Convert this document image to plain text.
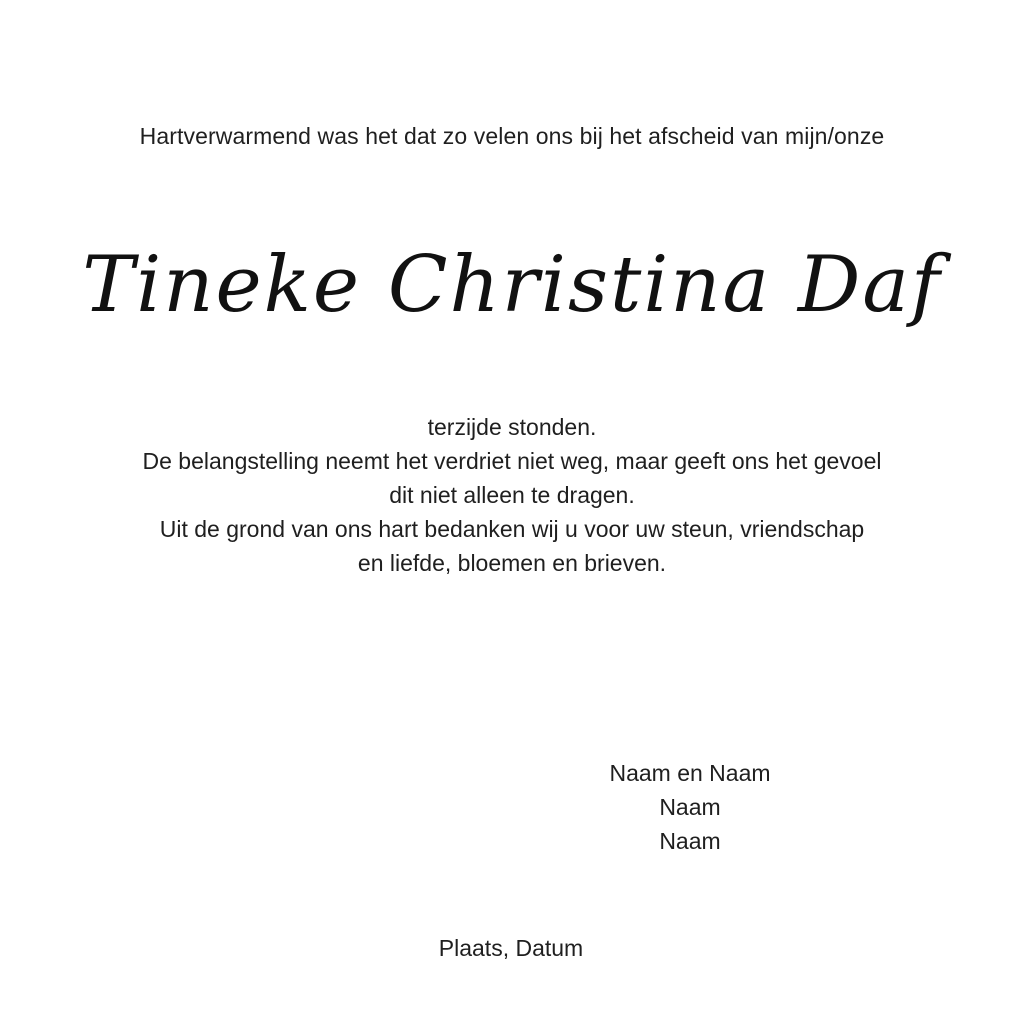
Hartverwarmend was het dat zo velen ons bij het afscheid van mijn/onze
Tineke Christina Daf
terzijde stonden.
De belangstelling neemt het verdriet niet weg, maar geeft ons het gevoel
dit niet alleen te dragen.
Uit de grond van ons hart bedanken wij u voor uw steun, vriendschap
en liefde, bloemen en brieven.
Naam en Naam
Naam
Naam
Plaats, Datum
